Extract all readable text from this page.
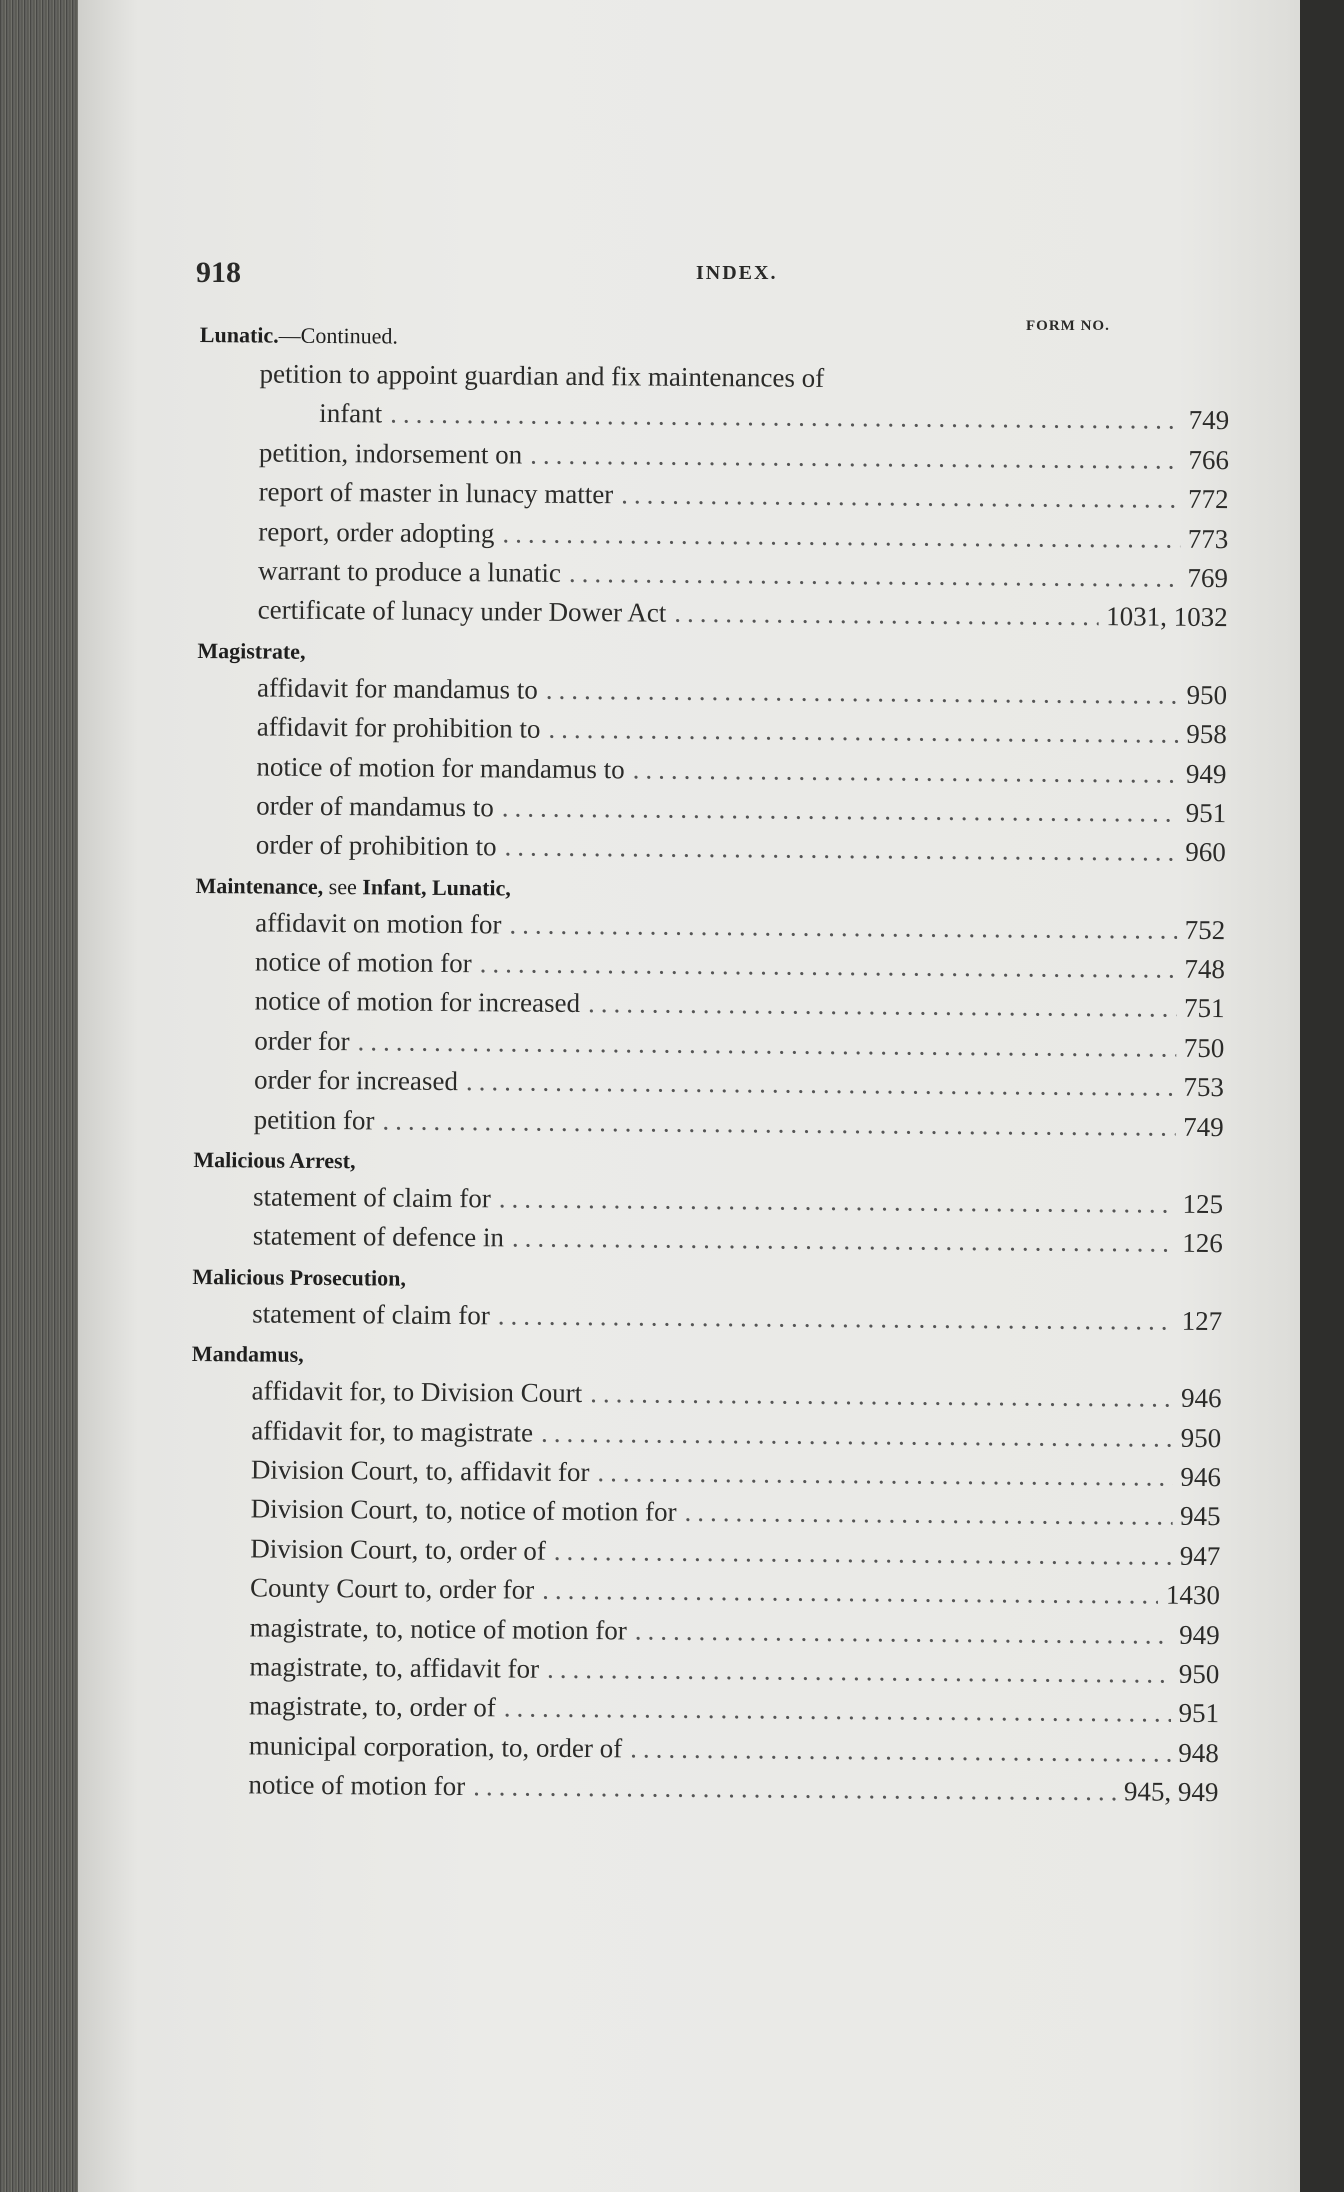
918	INDEX.
FORM NO.
Lunatic.—Continued.
petition to appoint guardian and fix maintenances of
infant .....	749
petition, indorsement on .....	766
report of master in lunacy matter .....	772
report, order adopting .....	773
warrant to produce a lunatic .....	769
certificate of lunacy under Dower Act .....	1031, 1032
Magistrate,
affidavit for mandamus to .....	950
affidavit for prohibition to .....	958
notice of motion for mandamus to .....	949
order of mandamus to .....	951
order of prohibition to .....	960
Maintenance, see Infant, Lunatic,
affidavit on motion for .....	752
notice of motion for .....	748
notice of motion for increased .....	751
order for .....	750
order for increased .....	753
petition for .....	749
Malicious Arrest,
statement of claim for .....	125
statement of defence in .....	126
Malicious Prosecution,
statement of claim for .....	127
Mandamus,
affidavit for, to Division Court .....	946
affidavit for, to magistrate .....	950
Division Court, to, affidavit for .....	946
Division Court, to, notice of motion for .....	945
Division Court, to, order of .....	947
County Court to, order for .....	1430
magistrate, to, notice of motion for .....	949
magistrate, to, affidavit for .....	950
magistrate, to, order of .....	951
municipal corporation, to, order of .....	948
notice of motion for .....	945, 949
